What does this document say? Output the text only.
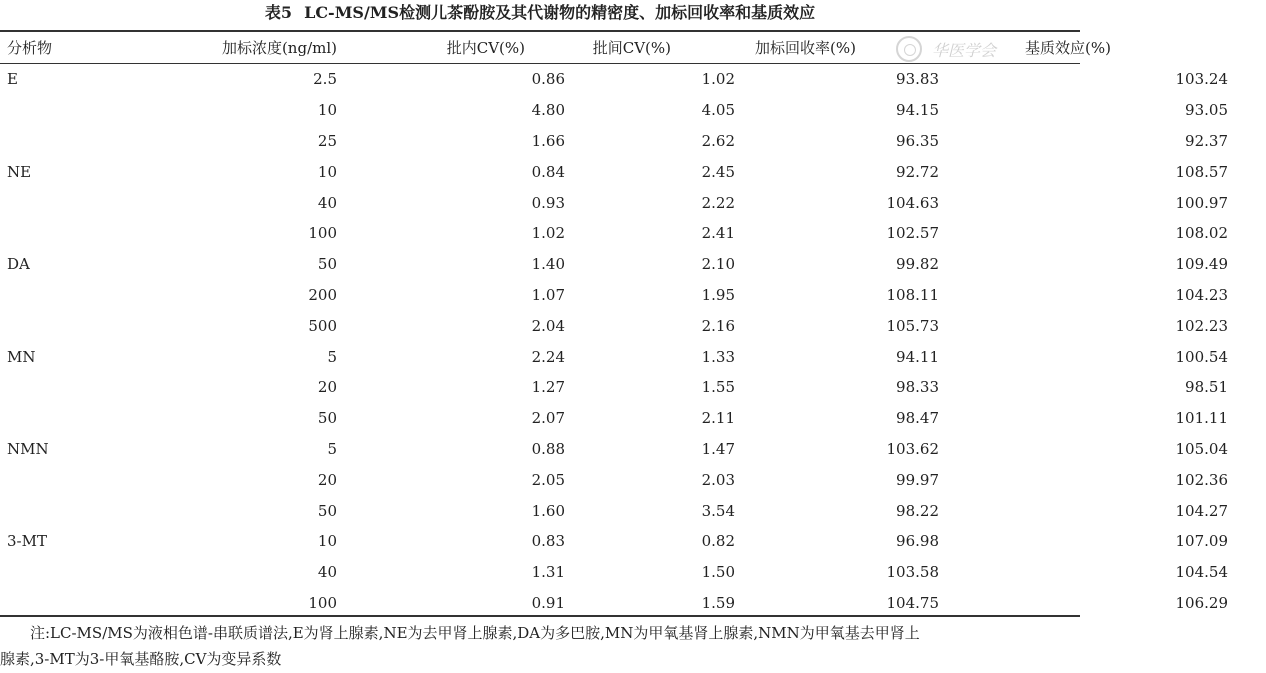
表5 LC-MS/MS检测儿茶酚胺及其代谢物的精密度、加标回收率和基质效应
分析物	加标浓度(ng/ml)	批内CV(%)	批间CV(%)	加标回收率(%)	基质效应(%)
E	2.5	0.86	1.02	93.83	103.24
	10	4.80	4.05	94.15	93.05
	25	1.66	2.62	96.35	92.37
NE	10	0.84	2.45	92.72	108.57
	40	0.93	2.22	104.63	100.97
	100	1.02	2.41	102.57	108.02
DA	50	1.40	2.10	99.82	109.49
	200	1.07	1.95	108.11	104.23
	500	2.04	2.16	105.73	102.23
MN	5	2.24	1.33	94.11	100.54
	20	1.27	1.55	98.33	98.51
	50	2.07	2.11	98.47	101.11
NMN	5	0.88	1.47	103.62	105.04
	20	2.05	2.03	99.97	102.36
	50	1.60	3.54	98.22	104.27
3-MT	10	0.83	0.82	96.98	107.09
	40	1.31	1.50	103.58	104.54
	100	0.91	1.59	104.75	106.29
注:LC-MS/MS为液相色谱-串联质谱法,E为肾上腺素,NE为去甲肾上腺素,DA为多巴胺,MN为甲氧基肾上腺素,NMN为甲氧基去甲肾上
腺素,3-MT为3-甲氧基酪胺,CV为变异系数
华医学会
